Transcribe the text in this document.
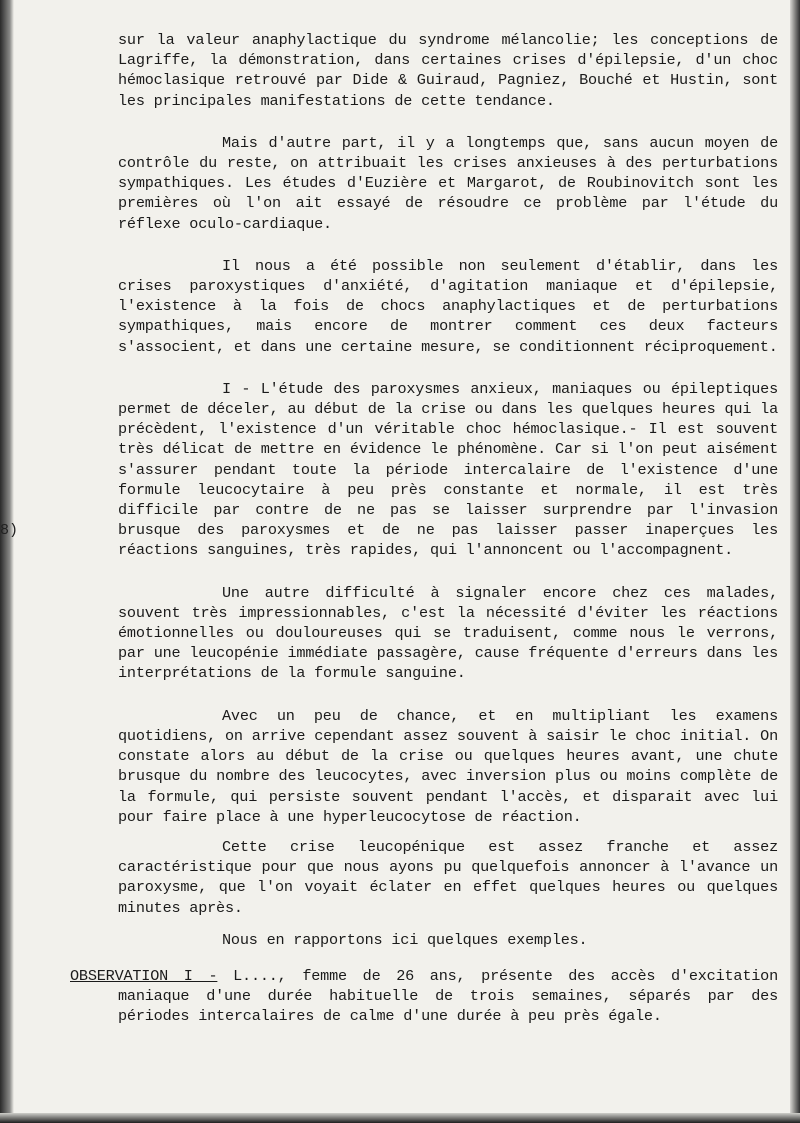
8)

sur la valeur anaphylactique du syndrome mélancolie; les conceptions de Lagriffe, la démonstration, dans certaines crises d'épilepsie, d'un choc hémoclasique retrouvé par Dide & Guiraud, Pagniez, Bouché et Hustin, sont les principales manifestations de cette tendance.

Mais d'autre part, il y a longtemps que, sans aucun moyen de contrôle du reste, on attribuait les crises anxieuses à des perturbations sympathiques. Les études d'Euzière et Margarot, de Roubinovitch sont les premières où l'on ait essayé de résoudre ce problème par l'étude du réflexe oculo-cardiaque.

Il nous a été possible non seulement d'établir, dans les crises paroxystiques d'anxiété, d'agitation maniaque et d'épilepsie, l'existence à la fois de chocs anaphylactiques et de perturbations sympathiques, mais encore de montrer comment ces deux facteurs s'associent, et dans une certaine mesure, se conditionnent réciproquement.

I - L'étude des paroxysmes anxieux, maniaques ou épileptiques permet de déceler, au début de la crise ou dans les quelques heures qui la précèdent, l'existence d'un véritable choc hémoclasique.- Il est souvent très délicat de mettre en évidence le phénomène. Car si l'on peut aisément s'assurer pendant toute la période intercalaire de l'existence d'une formule leucocytaire à peu près constante et normale, il est très difficile par contre de ne pas se laisser surprendre par l'invasion brusque des paroxysmes et de ne pas laisser passer inaperçues les réactions sanguines, très rapides, qui l'annoncent ou l'accompagnent.

Une autre difficulté à signaler encore chez ces malades, souvent très impressionnables, c'est la nécessité d'éviter les réactions émotionnelles ou douloureuses qui se traduisent, comme nous le verrons, par une leucopénie immédiate passagère, cause fréquente d'erreurs dans les interprétations de la formule sanguine.

Avec un peu de chance, et en multipliant les examens quotidiens, on arrive cependant assez souvent à saisir le choc initial. On constate alors au début de la crise ou quelques heures avant, une chute brusque du nombre des leucocytes, avec inversion plus ou moins complète de la formule, qui persiste souvent pendant l'accès, et disparait avec lui pour faire place à une hyperleucocytose de réaction.

Cette crise leucopénique est assez franche et assez caractéristique pour que nous ayons pu quelquefois annoncer à l'avance un paroxysme, que l'on voyait éclater en effet quelques heures ou quelques minutes après.

Nous en rapportons ici quelques exemples.

OBSERVATION I - L...., femme de 26 ans, présente des accès d'excitation maniaque d'une durée habituelle de trois semaines, séparés par des périodes intercalaires de calme d'une durée à peu près égale.
